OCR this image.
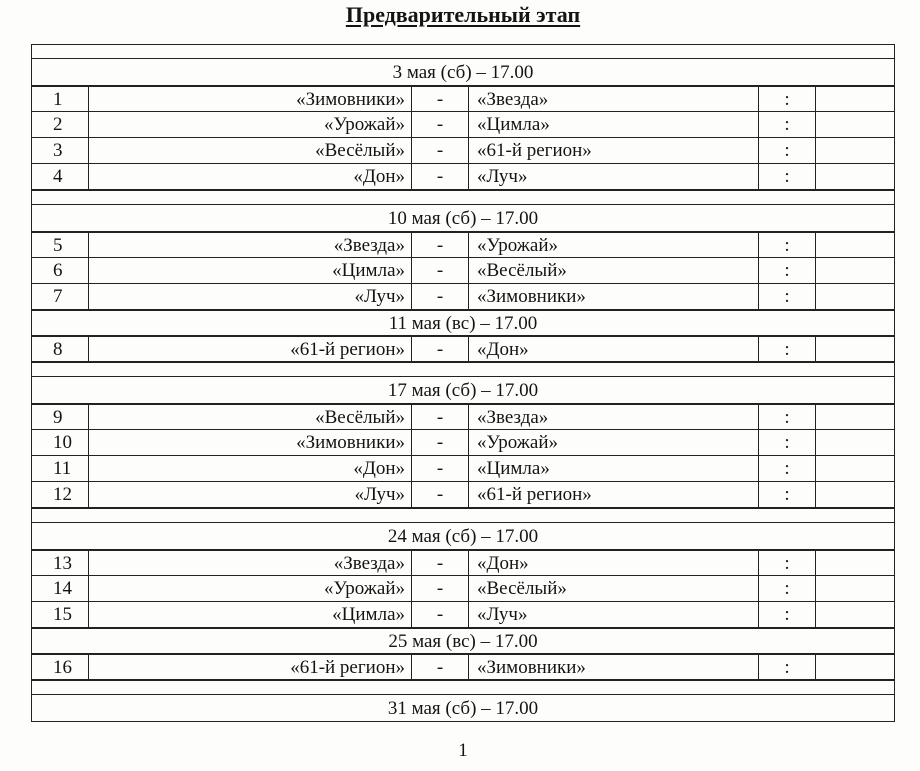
Предварительный этап
3 мая (сб) – 17.00
1	«Зимовники»	-	«Звезда»	:
2	«Урожай»	-	«Цимла»	:
3	«Весёлый»	-	«61-й регион»	:
4	«Дон»	-	«Луч»	:
10 мая (сб) – 17.00
5	«Звезда»	-	«Урожай»	:
6	«Цимла»	-	«Весёлый»	:
7	«Луч»	-	«Зимовники»	:
11 мая (вс) – 17.00
8	«61-й регион»	-	«Дон»	:
17 мая (сб) – 17.00
9	«Весёлый»	-	«Звезда»	:
10	«Зимовники»	-	«Урожай»	:
11	«Дон»	-	«Цимла»	:
12	«Луч»	-	«61-й регион»	:
24 мая (сб) – 17.00
13	«Звезда»	-	«Дон»	:
14	«Урожай»	-	«Весёлый»	:
15	«Цимла»	-	«Луч»	:
25 мая (вс) – 17.00
16	«61-й регион»	-	«Зимовники»	:
31 мая (сб) – 17.00
1
